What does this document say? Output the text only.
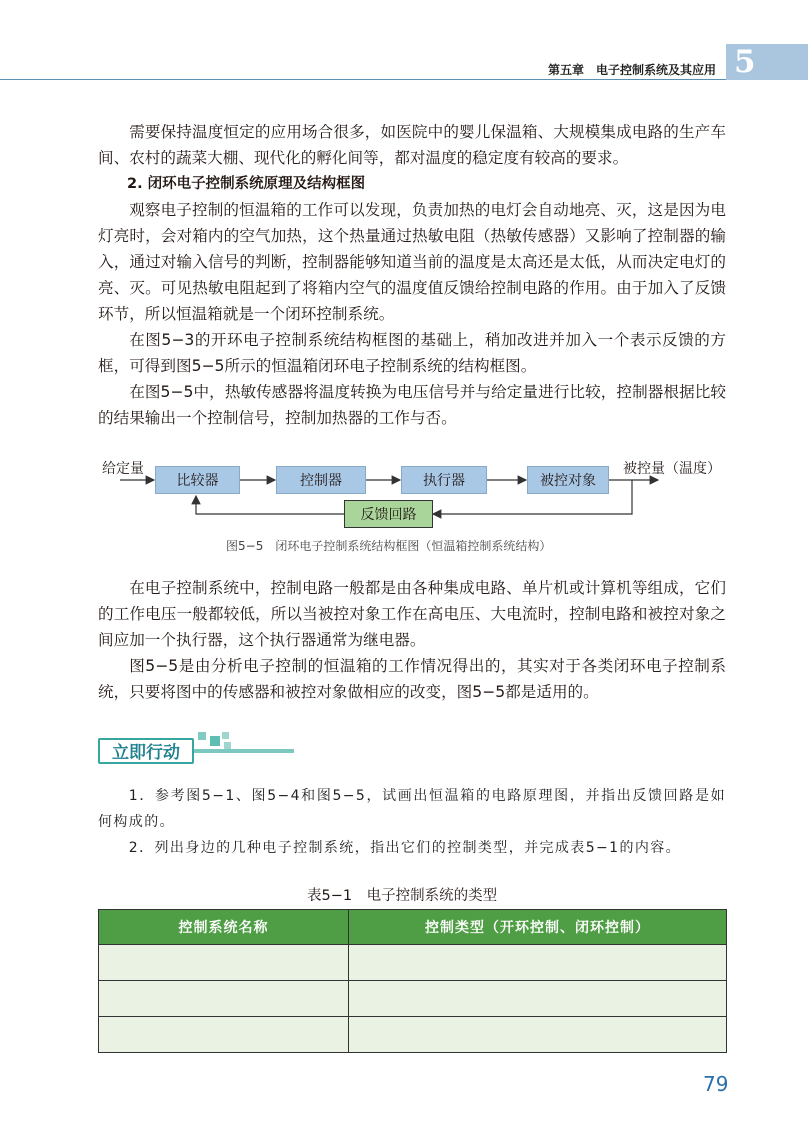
第五章 电子控制系统及其应用 5

需要保持温度恒定的应用场合很多，如医院中的婴儿保温箱、大规模集成电路的生产车间、农村的蔬菜大棚、现代化的孵化间等，都对温度的稳定度有较高的要求。

2. 闭环电子控制系统原理及结构框图

观察电子控制的恒温箱的工作可以发现，负责加热的电灯会自动地亮、灭，这是因为电灯亮时，会对箱内的空气加热，这个热量通过热敏电阻（热敏传感器）又影响了控制器的输入，通过对输入信号的判断，控制器能够知道当前的温度是太高还是太低，从而决定电灯的亮、灭。可见热敏电阻起到了将箱内空气的温度值反馈给控制电路的作用。由于加入了反馈环节，所以恒温箱就是一个闭环控制系统。

在图5−3的开环电子控制系统结构框图的基础上，稍加改进并加入一个表示反馈的方框，可得到图5−5所示的恒温箱闭环电子控制系统的结构框图。

在图5−5中，热敏传感器将温度转换为电压信号并与给定量进行比较，控制器根据比较的结果输出一个控制信号，控制加热器的工作与否。

给定量	被控量（温度）
比较器	控制器	执行器	被控对象
反馈回路
图5−5　闭环电子控制系统结构框图（恒温箱控制系统结构）

在电子控制系统中，控制电路一般都是由各种集成电路、单片机或计算机等组成，它们的工作电压一般都较低，所以当被控对象工作在高电压、大电流时，控制电路和被控对象之间应加一个执行器，这个执行器通常为继电器。

图5−5是由分析电子控制的恒温箱的工作情况得出的，其实对于各类闭环电子控制系统，只要将图中的传感器和被控对象做相应的改变，图5−5都是适用的。

立即行动

1．参考图5−1、图5−4和图5−5，试画出恒温箱的电路原理图，并指出反馈回路是如何构成的。

2．列出身边的几种电子控制系统，指出它们的控制类型，并完成表5−1的内容。

表5−1　电子控制系统的类型
控制系统名称	控制类型（开环控制、闭环控制）

79
